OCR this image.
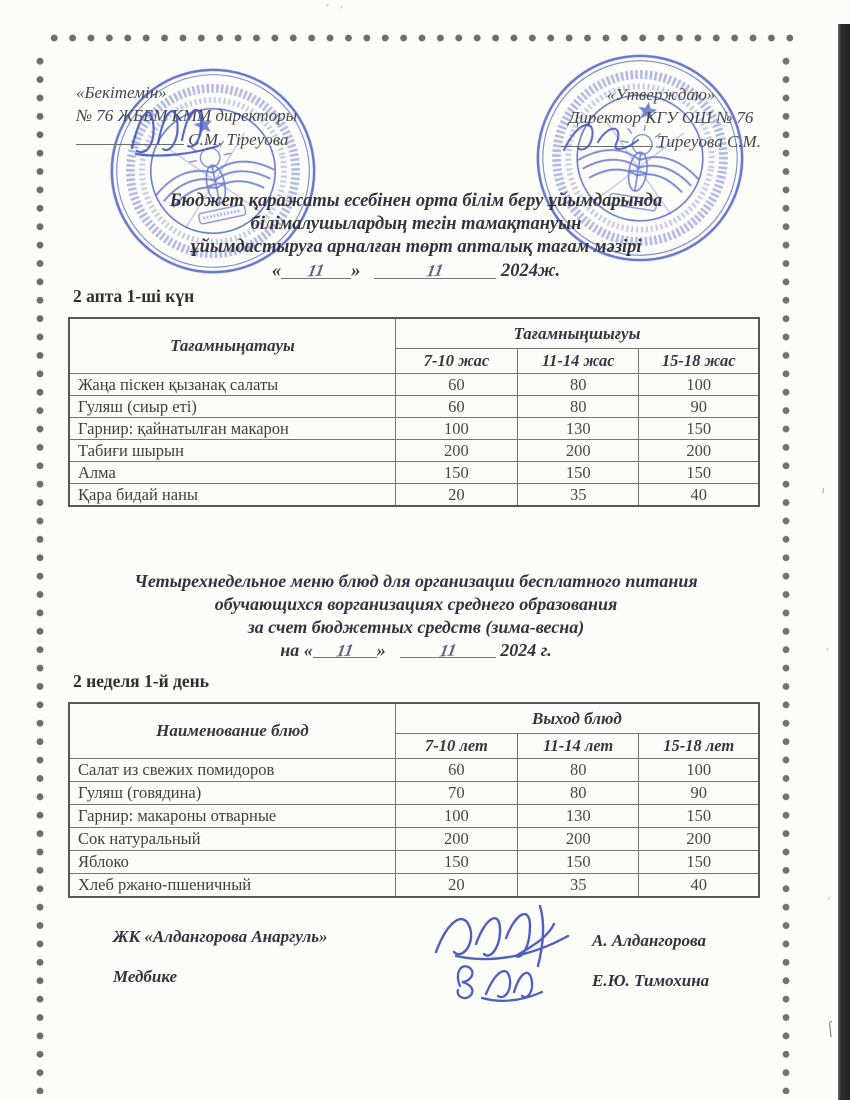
«Бекітемін»
№ 76 ЖББМ КММ директоры
С.М. Тіреуова
«Утверждаю»
Директор КГУ ОШ № 76
Тиреуова С.М.
Бюджет қаражаты есебінен орта білім беру ұйымдарында
білімалушылардың тегін тамақтануын
ұйымдастыруға арналған төрт апталық тағам мәзірі
« 11 »	11	2024ж.
2 апта 1-ші күн
Тағамныңатауы	Тағамныңшығуы		
	7-10 жас	11-14 жас	15-18 жас
Жаңа піскен қызанақ салаты	60	80	100
Гуляш (сиыр еті)	60	80	90
Гарнир: қайнатылған макарон	100	130	150
Табиғи шырын	200	200	200
Алма	150	150	150
Қара бидай наны	20	35	40
Четырехнедельное меню блюд для организации бесплатного питания
обучающихся ворганизациях среднего образования
за счет бюджетных средств (зима-весна)
на « 11 »	11 2024 г.
2 неделя 1-й день
Наименование блюд	Выход блюд		
	7-10 лет	11-14 лет	15-18 лет
Салат из свежих помидоров	60	80	100
Гуляш (говядина)	70	80	90
Гарнир: макароны отварные	100	130	150
Сок натуральный	200	200	200
Яблоко	150	150	150
Хлеб ржано-пшеничный	20	35	40
ЖК «Алдангорова Анаргуль»
Медбике
А. Алдангорова
Е.Ю. Тимохина
ʹ ʹ
ι
,
ʻ
⌠
